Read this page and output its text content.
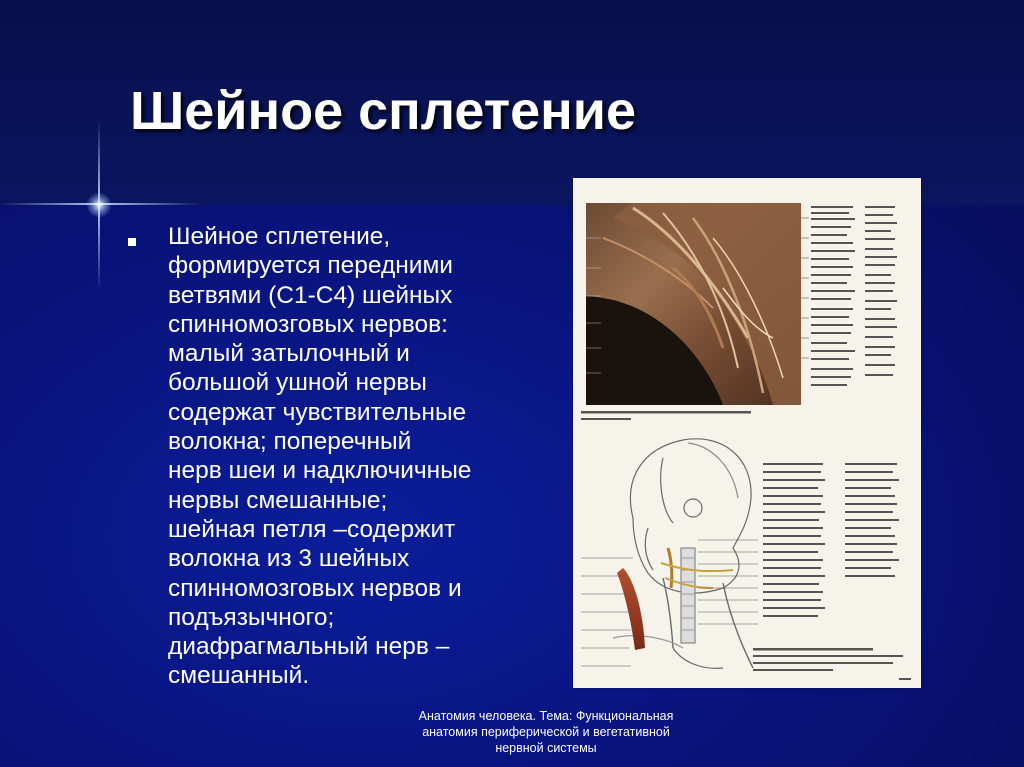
Шейное сплетение

Шейное сплетение,
формируется передними
ветвями (С1-С4) шейных
спинномозговых нервов:
малый затылочный и
большой ушной нервы
содержат чувствительные
волокна; поперечный
нерв шеи и надключичные
нервы смешанные;
шейная петля –содержит
волокна из 3 шейных
спинномозговых нервов и
подъязычного;
диафрагмальный нерв –
смешанный.

Анатомия человека. Тема: Функциональная
анатомия периферической и вегетативной
нервной системы
